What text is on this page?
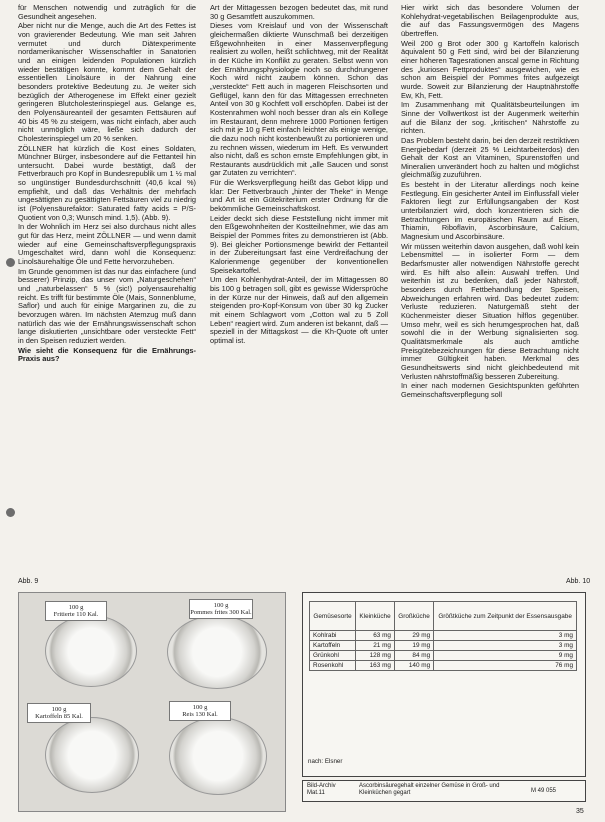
für Menschen notwendig und zuträglich für die Gesundheit angesehen.

Aber nicht nur die Menge, auch die Art des Fettes ist von gravierender Bedeutung. Wie man seit Jahren vermutet und durch Diätexperimente nordamerikanischer Wissenschaftler in Sanatorien und an einigen leidenden Populationen kürzlich wieder bestätigen konnte, kommt dem Gehalt der essentiellen Linolsäure in der Nahrung eine besonders protektive Bedeutung zu. Je weiter sich bezüglich der Atherogenese im Effekt einer gezielt geringeren Blutcholesterinspiegel aus. Gelange es, den Polyensäureanteil der gesamten Fettsäuren auf 40 bis 45 % zu steigern, was nicht einfach, aber auch nicht unmöglich wäre, ließe sich dadurch der Cholesterinspiegel um 20 % senken.

ZÖLLNER hat kürzlich die Kost eines Soldaten, Münchner Bürger, insbesondere auf die Fettanteil hin untersucht. Dabei wurde bestätigt, daß der Fettverbrauch pro Kopf in Bundesrepublik um 1 ½ mal so ungünstiger Bundesdurchschnitt (40,6 kcal %) empfiehlt, und daß das Verhältnis der mehrfach ungesättigten zu gesättigten Fettsäuren viel zu niedrig ist (Polyensäurefaktor: Saturated fatty acids = P/S-Quotient von 0,3; Wunsch mind. 1,5). (Abb. 9).

In der Wohnlich im Herz sei also durchaus nicht alles gut für das Herz, meint ZÖLLNER — und wenn damit wieder auf eine Gemeinschaftsverpflegungspraxis Umgeschaltet wird, dann wohl die Konsequenz: Linolsäurehaltige Öle und Fette hervorzuheben.

Im Grunde genommen ist das nur das einfachere (und besserer) Prinzip, das unser vom „Naturgeschehen“ und „naturbelassen“ 5 % (sic!) polyensaurehaltig reicht. Es trifft für bestimmte Öle (Mais, Sonnenblume, Saflor) und auch für einige Margarinen zu, die zu bevorzugen wären. Im nächsten Atemzug muß dann natürlich das wie der Ernährungswissenschaft schon lange diskutierten „unsichtbare oder versteckte Fett“ in den Speisen reduziert werden.

Wie sieht die Konsequenz für die Ernährungs-Praxis aus?

Art der Mittagessen bezogen bedeutet das, mit rund 30 g Gesamtfett auszukommen.

Dieses vom Kreislauf und von der Wissenschaft gleichermaßen diktierte Wunschmaß bei derzeitigen Eßgewohnheiten in einer Massenverpflegung realisiert zu wollen, heißt schlichtweg, mit der Realität in der Küche im Konflikt zu geraten. Selbst wenn von der Ernährungsphysiologie noch so durchdrungener Koch wird nicht zaubern können. Schon das „versteckte“ Fett auch in mageren Fleischsorten und Geflügel, kann den für das Mittagessen errechneten Anteil von 30 g Kochfett voll erschöpfen. Dabei ist der Kostenrahmen wohl noch besser dran als ein Kollege im Restaurant, denn mehrere 1000 Portionen fertigen sich mit je 10 g Fett einfach leichter als einige wenige, die dazu noch nicht kostenbewußt zu portionieren und zu rechnen wissen, wiederum im Heft. Es verwundert also nicht, daß es schon ernste Empfehlungen gibt, in Restaurants ausdrücklich mit „alle Saucen und sonst gar Zutaten zu verrichten“.

Für die Werksverpflegung heißt das Gebot klipp und klar: Der Fettverbrauch „hinter der Theke“ in Menge und Art ist ein Gütekriterium erster Ordnung für die bekömmliche Gemeinschaftskost.

Leider deckt sich diese Feststellung nicht immer mit den Eßgewohnheiten der Kostteilnehmer, wie das am Beispiel der Pommes frites zu demonstrieren ist (Abb. 9). Bei gleicher Portionsmenge bewirkt der Fettanteil in der Zubereitungsart fast eine Verdreifachung der Kalorienmenge gegenüber der konventionellen Speisekartoffel.

Um den Kohlenhydrat-Anteil, der im Mittagessen 80 bis 100 g betragen soll, gibt es gewisse Widersprüche in der Kürze nur der Hinweis, daß auf den allgemein steigenden pro-Kopf-Konsum von über 30 kg Zucker mit einem Schlagwort vom „Cotton wal zu 5 Zoll Leben“ reagiert wird. Zum anderen ist bekannt, daß — speziell in der Mittagskost — die Kh-Quote oft unter optimal ist.

Hier wirkt sich das besondere Volumen der Kohlehydrat-vegetabilischen Beilagenprodukte aus, die auf das Fassungsvermögen des Magens übertreffen.

Weil 200 g Brot oder 300 g Kartoffeln kalorisch äquivalent 50 g Fett sind, wird bei der Bilanzierung einer höheren Tagesrationen anscal gerne in Richtung des „kuriosen Fettproduktes“ ausgewichen, wie es schon am Beispiel der Pommes frites aufgezeigt wurde. Soweit zur Bilanzierung der Hauptnährstoffe Ew, Kh, Fett.

Im Zusammenhang mit Qualitätsbeurteilungen im Sinne der Vollwertkost ist der Augenmerk weiterhin auf die Bilanz der sog. „kritischen“ Nährstoffe zu richten.

Das Problem besteht darin, bei den derzeit restriktiven Energiebedarf (derzeit 25 % Leichtarbeiterdos) den Gehalt der Kost an Vitaminen, Spurenstoffen und Mineralien unverändert hoch zu halten und möglichst gleichmäßig zuzuführen.

Es besteht in der Literatur allerdings noch keine Festlegung. Ein gesicherter Anteil im Einflussfall vieler Faktoren liegt zur Erfüllungsangaben der Kost unterbilanziert wird, doch konzentrieren sich die Betrachtungen im europäischen Raum auf Eisen, Thiamin, Riboflavin, Ascorbinsäure, Calcium, Magnesium und Ascorbinsäure.

Wir müssen weiterhin davon ausgehen, daß wohl kein Lebensmittel — in isolierter Form — dem Bedarfsmuster aller notwendigen Nährstoffe gerecht wird. Es hilft also allein: Auswahl treffen. Und weiterhin ist zu bedenken, daß jeder Nährstoff, besonders durch Fettbehandlung der Speisen, Abweichungen erfahren wird. Das bedeutet zudem: Verluste reduzieren. Naturgemäß steht der Küchenmeister dieser Situation hilflos gegenüber. Umso mehr, weil es sich herumgesprochen hat, daß sowohl die in der Werbung signalisierten sog. Qualitätsmerkmale als auch amtliche Preisgütebezeichnungen für diese Betrachtung nicht immer Gültigkeit haben. Merkmal des Gesundheitswerts sind nicht gleichbedeutend mit Verlusten nährstoffmäßig besseren Zubereitung.

In einer nach modernen Gesichtspunkten geführten Gemeinschaftsverpflegung soll

Abb. 9	Abb. 10
100 g
Fritierte 110 Kal.
100 g
Pommes frites 300 Kal.
100 g
Kartoffeln 85 Kal.
100 g
Reis 130 Kal.
Gemüsesorte	Kleinküche	Großküche	Größtküche zum Zeitpunkt der Essensausgabe
Kohlrabi	63 mg	29 mg	3 mg
Kartoffeln	21 mg	19 mg	3 mg
Grünkohl	128 mg	84 mg	9 mg
Rosenkohl	163 mg	140 mg	76 mg
nach: Elsner
Bild-Archiv Mat.11
Ascorbinsäuregehalt einzelner Gemüse in Groß- und Kleinküchen gegart	M 49 055
35
